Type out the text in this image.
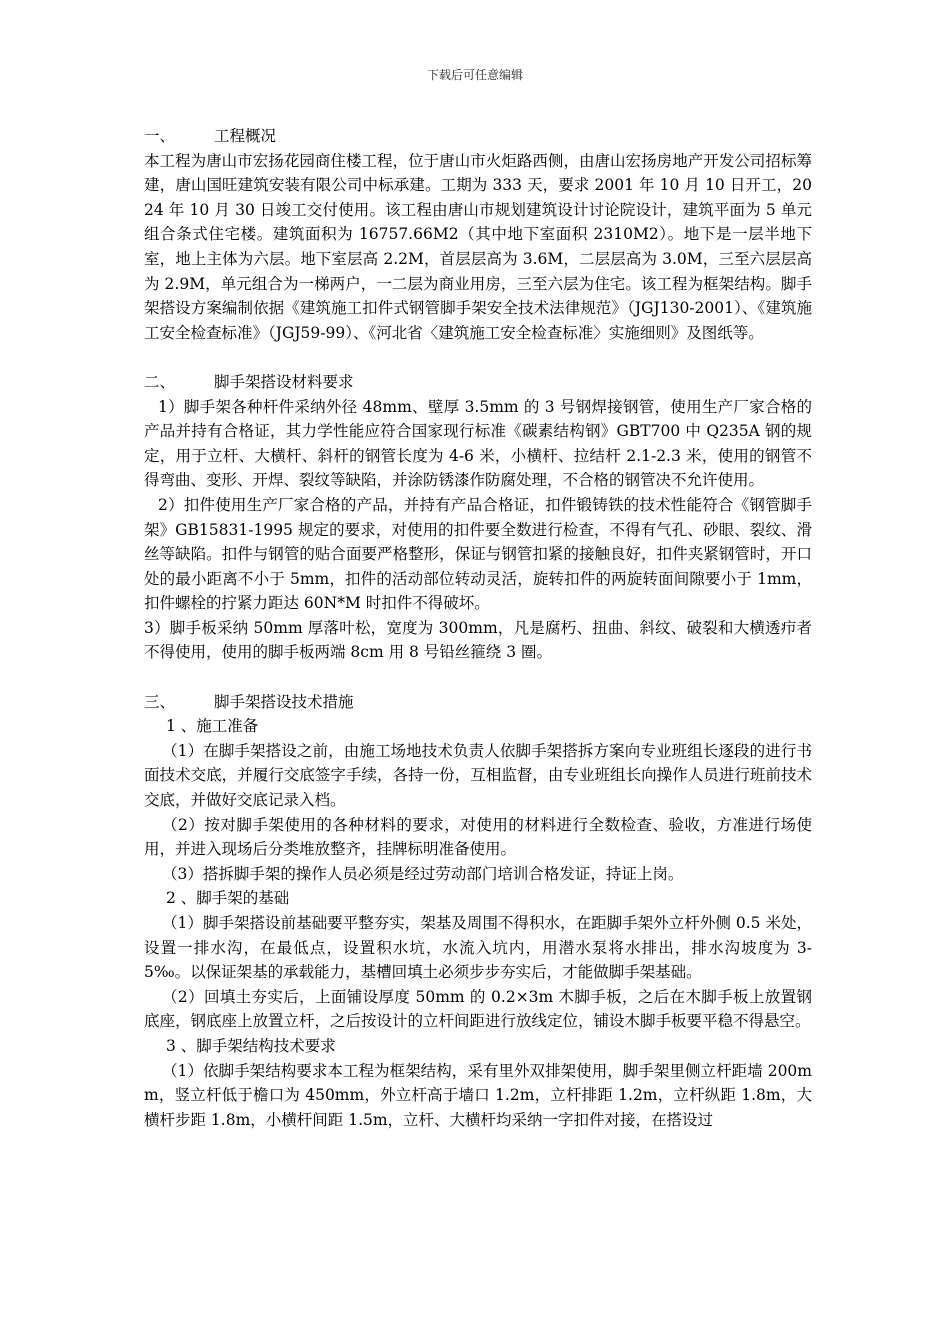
下载后可任意编辑

一、	工程概况

本工程为唐山市宏扬花园商住楼工程，位于唐山市火炬路西侧，由唐山宏扬房地产开发公司招标筹建，唐山国旺建筑安装有限公司中标承建。工期为 333 天，要求 2001 年 10 月 10 日开工，2024 年 10 月 30 日竣工交付使用。该工程由唐山市规划建筑设计讨论院设计，建筑平面为 5 单元组合条式住宅楼。建筑面积为 16757.66M2（其中地下室面积 2310M2）。地下是一层半地下室，地上主体为六层。地下室层高 2.2M，首层层高为 3.6M，二层层高为 3.0M，三至六层层高为 2.9M，单元组合为一梯两户，一二层为商业用房，三至六层为住宅。该工程为框架结构。脚手架搭设方案编制依据《建筑施工扣件式钢管脚手架安全技术法律规范》（JGJ130-2001）、《建筑施工安全检查标准》（JGJ59-99）、《河北省〈建筑施工安全检查标准〉实施细则》及图纸等。

二、	脚手架搭设材料要求

1）脚手架各种杆件采纳外径 48mm、壁厚 3.5mm 的 3 号钢焊接钢管，使用生产厂家合格的产品并持有合格证，其力学性能应符合国家现行标准《碳素结构钢》GBT700 中 Q235A 钢的规定，用于立杆、大横杆、斜杆的钢管长度为 4-6 米，小横杆、拉结杆 2.1-2.3 米，使用的钢管不得弯曲、变形、开焊、裂纹等缺陷，并涂防锈漆作防腐处理，不合格的钢管决不允许使用。

2）扣件使用生产厂家合格的产品，并持有产品合格证，扣件锻铸铁的技术性能符合《钢管脚手架》GB15831-1995 规定的要求，对使用的扣件要全数进行检查，不得有气孔、砂眼、裂纹、滑丝等缺陷。扣件与钢管的贴合面要严格整形，保证与钢管扣紧的接触良好，扣件夹紧钢管时，开口处的最小距离不小于 5mm，扣件的活动部位转动灵活，旋转扣件的两旋转面间隙要小于 1mm，扣件螺栓的拧紧力距达 60N*M 时扣件不得破坏。

3）脚手板采纳 50mm 厚落叶松，宽度为 300mm，凡是腐朽、扭曲、斜纹、破裂和大横透疖者不得使用，使用的脚手板两端 8cm 用 8 号铅丝箍绕 3 圈。

三、	脚手架搭设技术措施

1 、施工准备

（1）在脚手架搭设之前，由施工场地技术负责人依脚手架搭拆方案向专业班组长逐段的进行书面技术交底，并履行交底签字手续，各持一份，互相监督，由专业班组长向操作人员进行班前技术交底，并做好交底记录入档。

（2）按对脚手架使用的各种材料的要求，对使用的材料进行全数检查、验收，方准进行场使用，并进入现场后分类堆放整齐，挂牌标明准备使用。

（3）搭拆脚手架的操作人员必须是经过劳动部门培训合格发证，持证上岗。

2 、脚手架的基础

（1）脚手架搭设前基础要平整夯实，架基及周围不得积水，在距脚手架外立杆外侧 0.5 米处，设置一排水沟，在最低点，设置积水坑，水流入坑内，用潜水泵将水排出，排水沟坡度为 3-5‰。以保证架基的承载能力，基槽回填土必须步步夯实后，才能做脚手架基础。

（2）回填土夯实后，上面铺设厚度 50mm 的 0.2×3m 木脚手板，之后在木脚手板上放置钢底座，钢底座上放置立杆，之后按设计的立杆间距进行放线定位，铺设木脚手板要平稳不得悬空。

3 、脚手架结构技术要求

（1）依脚手架结构要求本工程为框架结构，采有里外双排架使用，脚手架里侧立杆距墙 200mm，竖立杆低于檐口为 450mm，外立杆高于墙口 1.2m，立杆排距 1.2m，立杆纵距 1.8m，大横杆步距 1.8m，小横杆间距 1.5m，立杆、大横杆均采纳一字扣件对接，在搭设过
